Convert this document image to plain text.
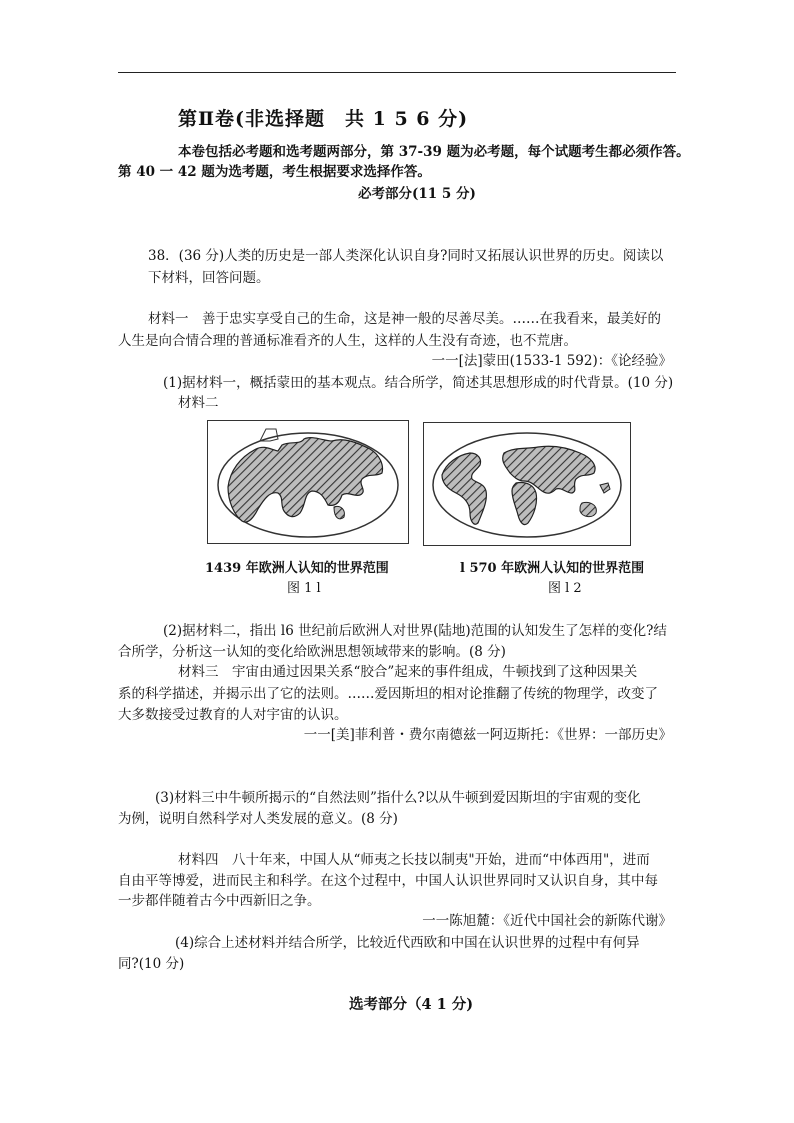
第Ⅱ卷(非选择题　共 1 5 6 分)
本卷包括必考题和选考题两部分，第 37-39 题为必考题，每个试题考生都必须作答。
第 40 一 42 题为选考题，考生根据要求选择作答。
必考部分(11 5 分)
38．(36 分)人类的历史是一部人类深化认识自身?同时又拓展认识世界的历史。阅读以
下材料，回答问题。
材料一　善于忠实享受自己的生命，这是神一般的尽善尽美。……在我看来，最美好的
人生是向合情合理的普通标准看齐的人生，这样的人生没有奇迹，也不荒唐。
一一[法]蒙田(1533-1 592)：《论经验》
(1)据材料一，概括蒙田的基本观点。结合所学，简述其思想形成的时代背景。(10 分)
材料二
1439 年欧洲人认知的世界范围
图 1 l
l 570 年欧洲人认知的世界范围
图 l 2
(2)据材料二，指出 l6 世纪前后欧洲人对世界(陆地)范围的认知发生了怎样的变化?结
合所学，分析这一认知的变化给欧洲思想领域带来的影响。(8 分)
材料三　宇宙由通过因果关系“胶合”起来的事件组成，牛顿找到了这种因果关
系的科学描述，并揭示出了它的法则。……爱因斯坦的相对论推翻了传统的物理学，改变了
大多数接受过教育的人对宇宙的认识。
一一[美]菲利普・费尔南德兹一阿迈斯托：《世界：一部历史》
(3)材料三中牛顿所揭示的“自然法则”指什么?以从牛顿到爱因斯坦的宇宙观的变化
为例，说明自然科学对人类发展的意义。(8 分)
材料四　八十年来，中国人从“师夷之长技以制夷"开始，进而“中体西用"，进而
自由平等博爱，进而民主和科学。在这个过程中，中国人认识世界同时又认识自身，其中每
一步都伴随着古今中西新旧之争。
一一陈旭麓：《近代中国社会的新陈代谢》
(4)综合上述材料并结合所学，比较近代西欧和中国在认识世界的过程中有何异
同?(10 分)
选考部分（4 1 分)
